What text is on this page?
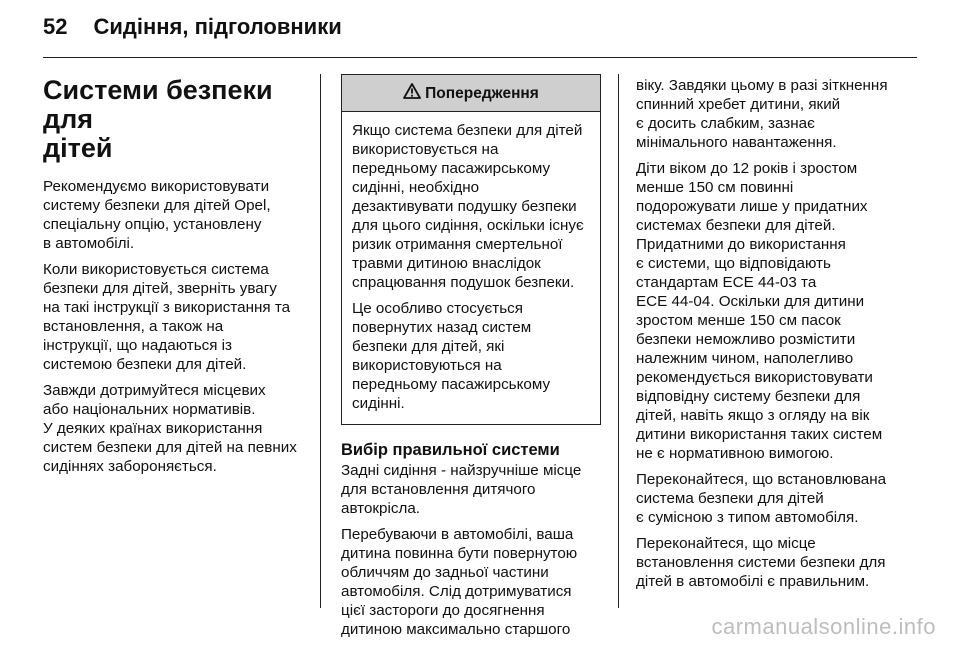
52 Сидіння, підголовники
Системи безпеки для
дітей

Рекомендуємо використовувати
систему безпеки для дітей Opel,
спеціальну опцію, установлену
в автомобілі.

Коли використовується система
безпеки для дітей, зверніть увагу
на такі інструкції з використання та
встановлення, а також на
інструкції, що надаються із
системою безпеки для дітей.

Завжди дотримуйтеся місцевих
або національних нормативів.
У деяких країнах використання
систем безпеки для дітей на певних
сидіннях забороняється.

Попередження

Якщо система безпеки для дітей
використовується на
передньому пасажирському
сидінні, необхідно
дезактивувати подушку безпеки
для цього сидіння, оскільки існує
ризик отримання смертельної
травми дитиною внаслідок
спрацювання подушок безпеки.

Це особливо стосується
повернутих назад систем
безпеки для дітей, які
використовуються на
передньому пасажирському
сидінні.

Вибір правильної системи

Задні сидіння - найзручніше місце
для встановлення дитячого
автокрісла.

Перебуваючи в автомобілі, ваша
дитина повинна бути повернутою
обличчям до задньої частини
автомобіля. Слід дотримуватися
цієї застороги до досягнення
дитиною максимально старшого

віку. Завдяки цьому в разі зіткнення
спинний хребет дитини, який
є досить слабким, зазнає
мінімального навантаження.

Діти віком до 12 років і зростом
менше 150 см повинні
подорожувати лише у придатних
системах безпеки для дітей.
Придатними до використання
є системи, що відповідають
стандартам ЕСЕ 44-03 та
ЕСЕ 44-04. Оскільки для дитини
зростом менше 150 см пасок
безпеки неможливо розмістити
належним чином, наполегливо
рекомендується використовувати
відповідну систему безпеки для
дітей, навіть якщо з огляду на вік
дитини використання таких систем
не є нормативною вимогою.

Переконайтеся, що встановлювана
система безпеки для дітей
є сумісною з типом автомобіля.

Переконайтеся, що місце
встановлення системи безпеки для
дітей в автомобілі є правильним.

carmanualsonline.info
